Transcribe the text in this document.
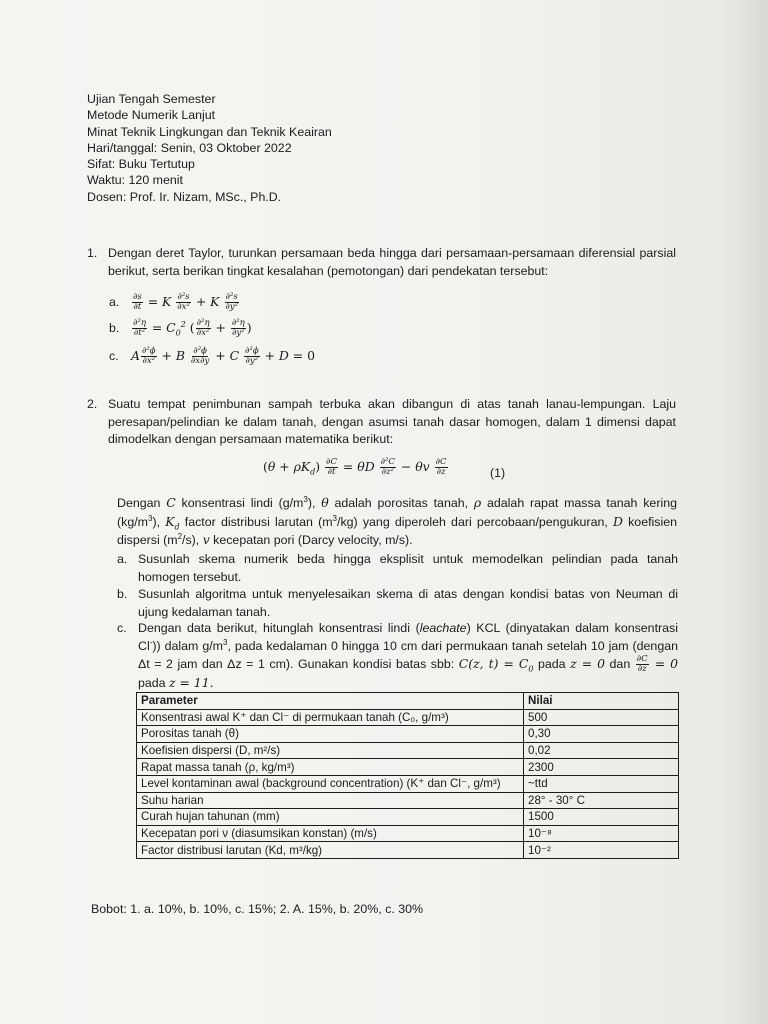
Ujian Tengah Semester
Metode Numerik Lanjut
Minat Teknik Lingkungan dan Teknik Keairan
Hari/tanggal: Senin, 03 Oktober 2022
Sifat: Buku Tertutup
Waktu: 120 menit
Dosen: Prof. Ir. Nizam, MSc., Ph.D.
1. Dengan deret Taylor, turunkan persamaan beda hingga dari persamaan-persamaan diferensial parsial berikut, serta berikan tingkat kesalahan (pemotongan) dari pendekatan tersebut:

a. $\frac{\partial s}{\partial t} = K \frac{\text{∂²s}}{\text{∂x²}} + K \frac{\text{∂²s}}{\text{∂y²}}$
b. $\frac{\text{∂²η}}{\text{∂t²}} = C_0^2$ ( $\frac{\text{∂²η}}{\text{∂x²}} + \frac{\text{∂²η}}{\text{∂y²}}$ )
c. A $\frac{\text{∂²ϕ}}{\text{∂x²}} + B \frac{\text{∂²ϕ}}{\partial x\partial y} + C \frac{\text{∂²ϕ}}{\text{∂y²}} + D = 0$
2. Suatu tempat penimbunan sampah terbuka akan dibangun di atas tanah lanau-lempungan. Laju peresapan/pelindian ke dalam tanah, dengan asumsi tanah dasar homogen, dalam 1 dimensi dapat dimodelkan dengan persamaan matematika berikut:

$(\theta + \rho K_d) \frac{\partial C}{\partial t} = \theta D \frac{\text{∂²C}}{\text{∂z²}} - \theta v \frac{\partial C}{\partial z}$	(1)

Dengan C konsentrasi lindi $(g/m^3)$, θ adalah porositas tanah, ρ adalah rapat massa tanah kering $(kg/m^3)$, $K_d$ factor distribusi larutan $(m^3/kg)$ yang diperoleh dari percobaan/pengukuran, D koefisien dispersi $(m^2/s)$, v kecepatan pori (Darcy velocity, m/s).

a. Susunlah skema numerik beda hingga eksplisit untuk memodelkan pelindian pada tanah homogen tersebut.
b. Susunlah algoritma untuk menyelesaikan skema di atas dengan kondisi batas von Neuman di ujung kedalaman tanah.
c. Dengan data berikut, hitunglah konsentrasi lindi (leachate) KCL (dinyatakan dalam konsentrasi Cl-)) dalam $g/m^3$, pada kedalaman 0 hingga 10 cm dari permukaan tanah setelah 10 jam (dengan Δt = 2 jam dan Δz = 1 cm). Gunakan kondisi batas sbb: C(z, $t) = C_0$ pada z = 0 dan $\frac{\partial C}{\partial z} = 0$ pada z = 11.
Parameter	Nilai
Konsentrasi awal K⁺ dan Cl⁻ di permukaan tanah (C₀, g/m³)	500
Porositas tanah (θ)	0,30
Koefisien dispersi (D, m²/s)	0,02
Rapat massa tanah (ρ, kg/m³)	2300
Level kontaminan awal (background concentration) (K⁺ dan Cl⁻, g/m³)	~ttd
Suhu harian	28° - 30° C
Curah hujan tahunan (mm)	1500
Kecepatan pori ν (diasumsikan konstan) (m/s)	10⁻⁸
Factor distribusi larutan (Kd, m³/kg)	10⁻²
Bobot: 1. a. 10%, b. 10%, c. 15%; 2. A. 15%, b. 20%, c. 30%
